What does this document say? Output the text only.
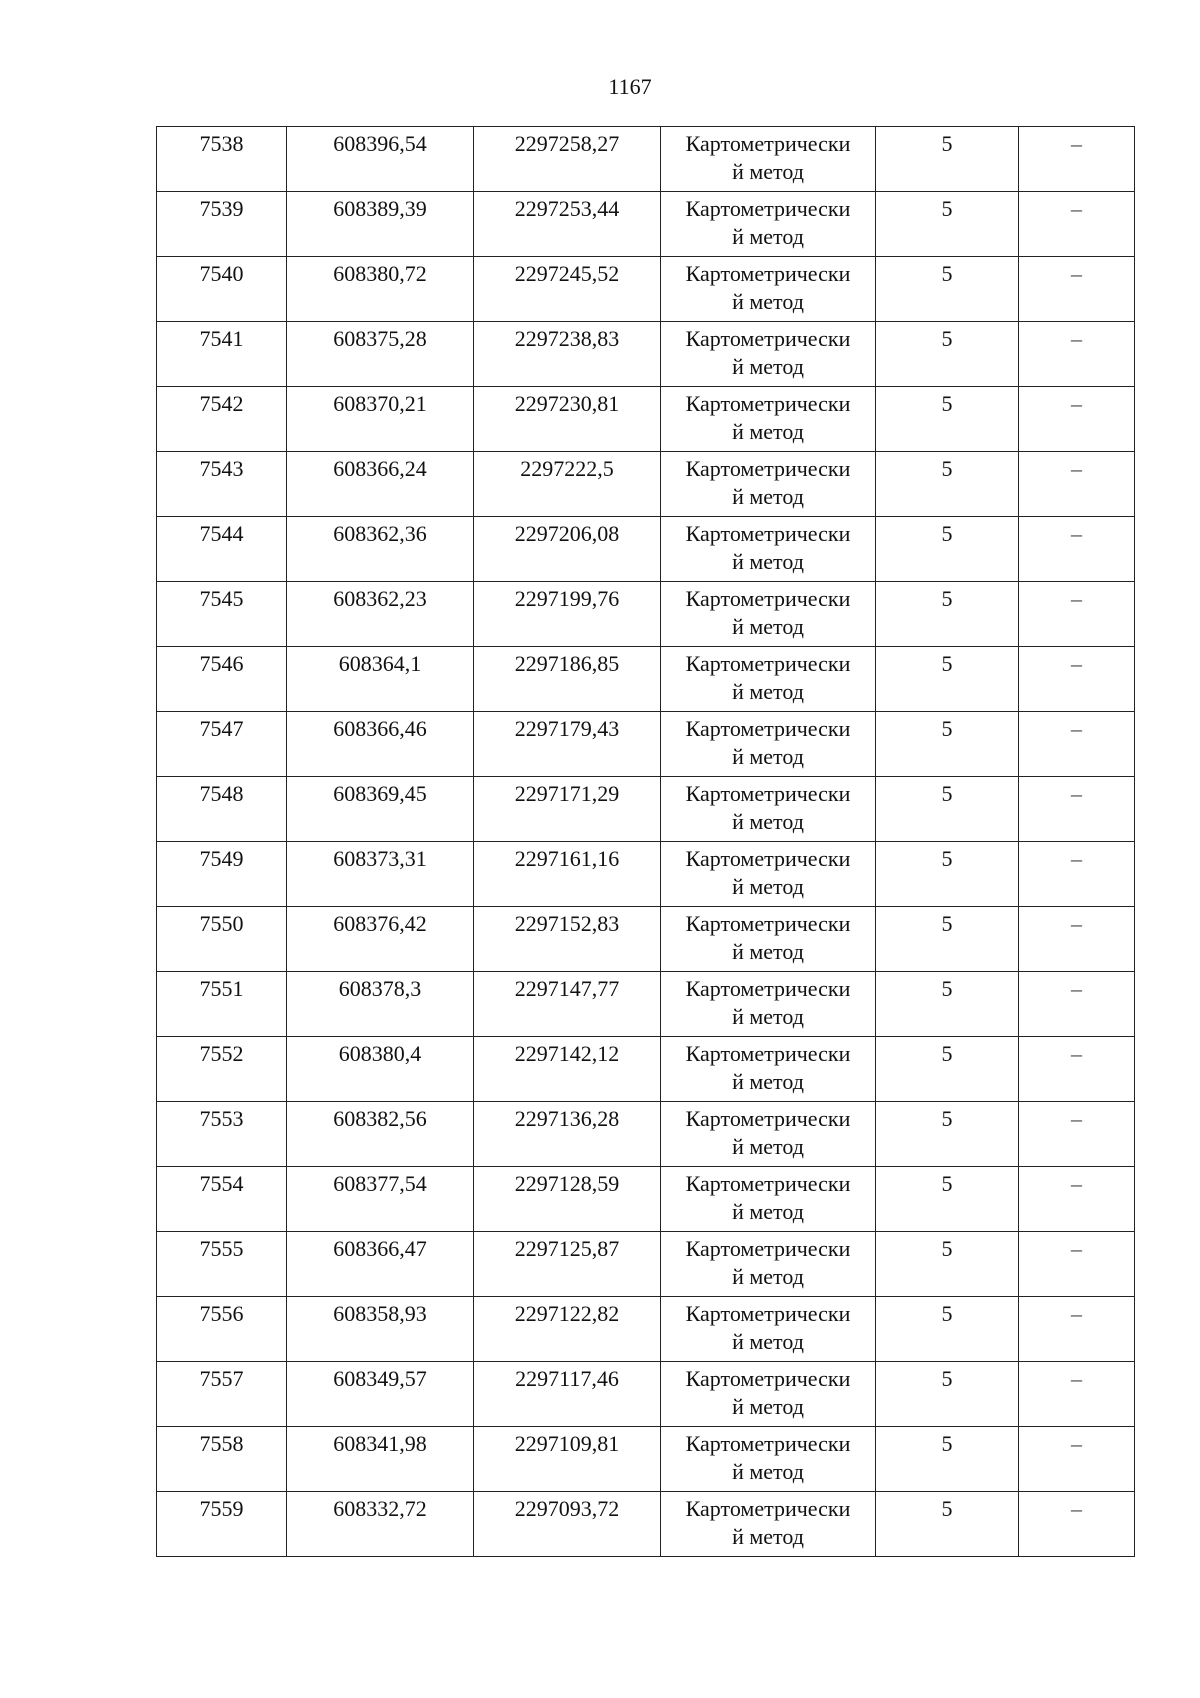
1167
7538	608396,54	2297258,27	Картометрически
й метод	5	–

7539	608389,39	2297253,44	Картометрически
й метод	5	–

7540	608380,72	2297245,52	Картометрически
й метод	5	–

7541	608375,28	2297238,83	Картометрически
й метод	5	–

7542	608370,21	2297230,81	Картометрически
й метод	5	–

7543	608366,24	2297222,5	Картометрически
й метод	5	–

7544	608362,36	2297206,08	Картометрически
й метод	5	–

7545	608362,23	2297199,76	Картометрически
й метод	5	–

7546	608364,1	2297186,85	Картометрически
й метод	5	–

7547	608366,46	2297179,43	Картометрически
й метод	5	–

7548	608369,45	2297171,29	Картометрически
й метод	5	–

7549	608373,31	2297161,16	Картометрически
й метод	5	–

7550	608376,42	2297152,83	Картометрически
й метод	5	–

7551	608378,3	2297147,77	Картометрически
й метод	5	–

7552	608380,4	2297142,12	Картометрически
й метод	5	–

7553	608382,56	2297136,28	Картометрически
й метод	5	–

7554	608377,54	2297128,59	Картометрически
й метод	5	–

7555	608366,47	2297125,87	Картометрически
й метод	5	–

7556	608358,93	2297122,82	Картометрически
й метод	5	–

7557	608349,57	2297117,46	Картометрически
й метод	5	–

7558	608341,98	2297109,81	Картометрически
й метод	5	–

7559	608332,72	2297093,72	Картометрически
й метод	5	–
